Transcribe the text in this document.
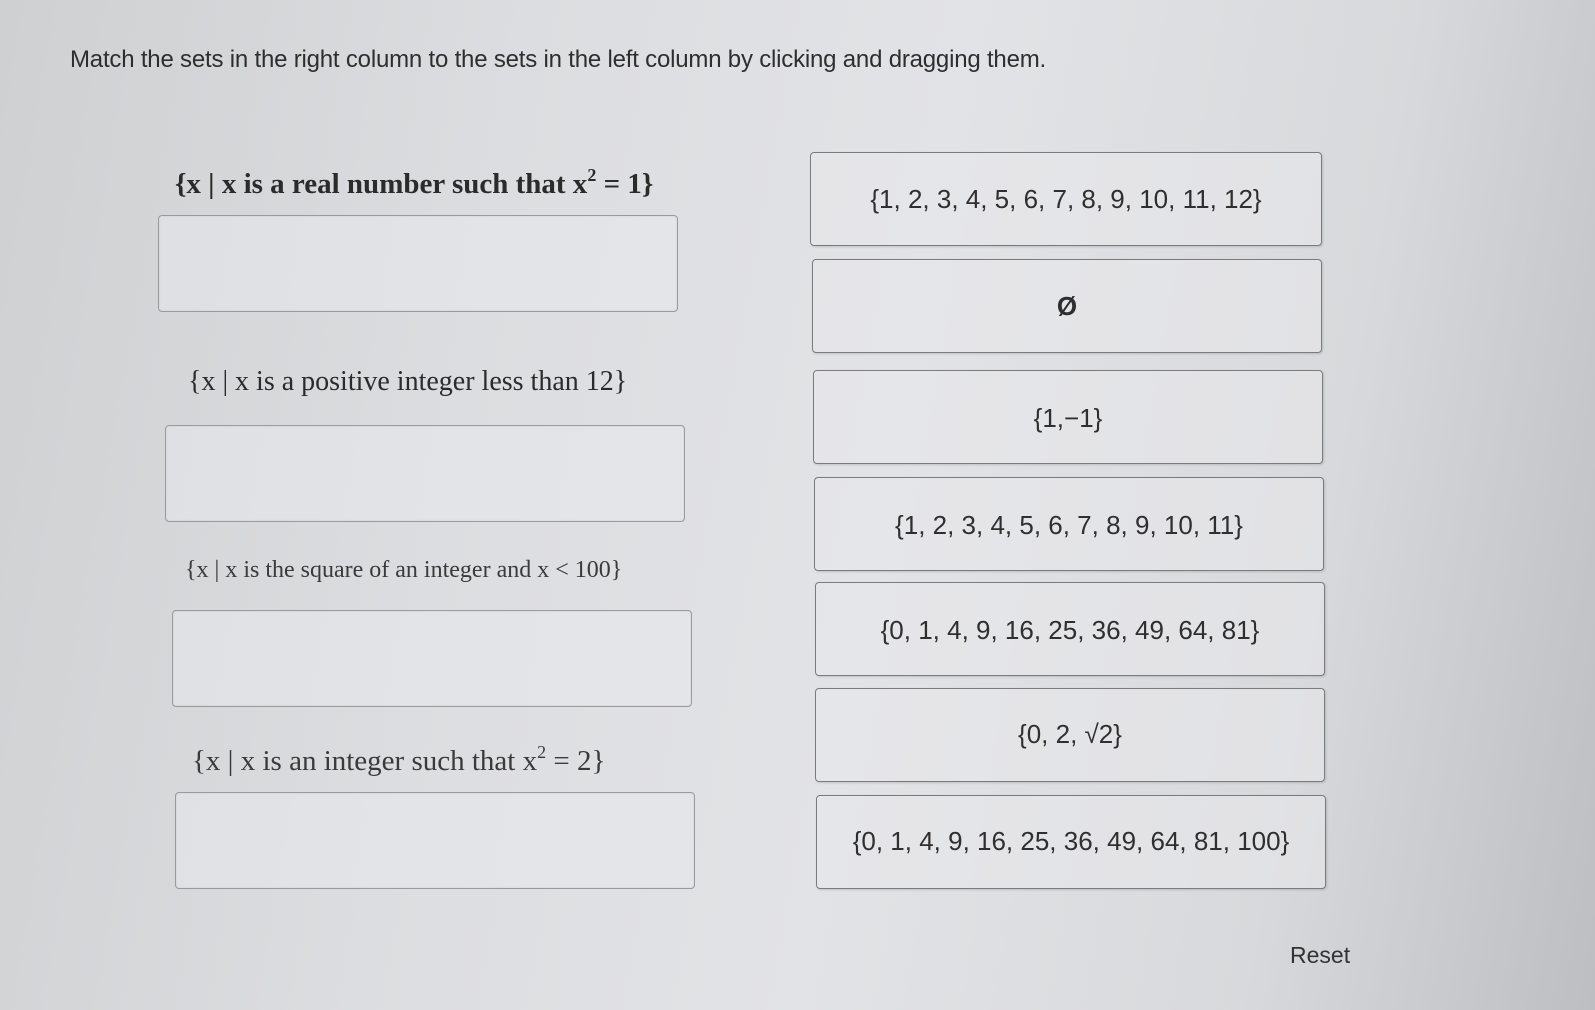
Match the sets in the right column to the sets in the left column by clicking and dragging them.
{x | x is a real number such that $x^2 = 1$}
{x | x is a positive integer less than 12}
{x | x is the square of an integer and x < 100}
{x | x is an integer such that $x^2 = 2$}
{1, 2, 3, 4, 5, 6, 7, 8, 9, 10, 11, 12}
Ø
{1,−1}
{1, 2, 3, 4, 5, 6, 7, 8, 9, 10, 11}
{0, 1, 4, 9, 16, 25, 36, 49, 64, 81}
{0, 2, √2}
{0, 1, 4, 9, 16, 25, 36, 49, 64, 81, 100}
Reset
